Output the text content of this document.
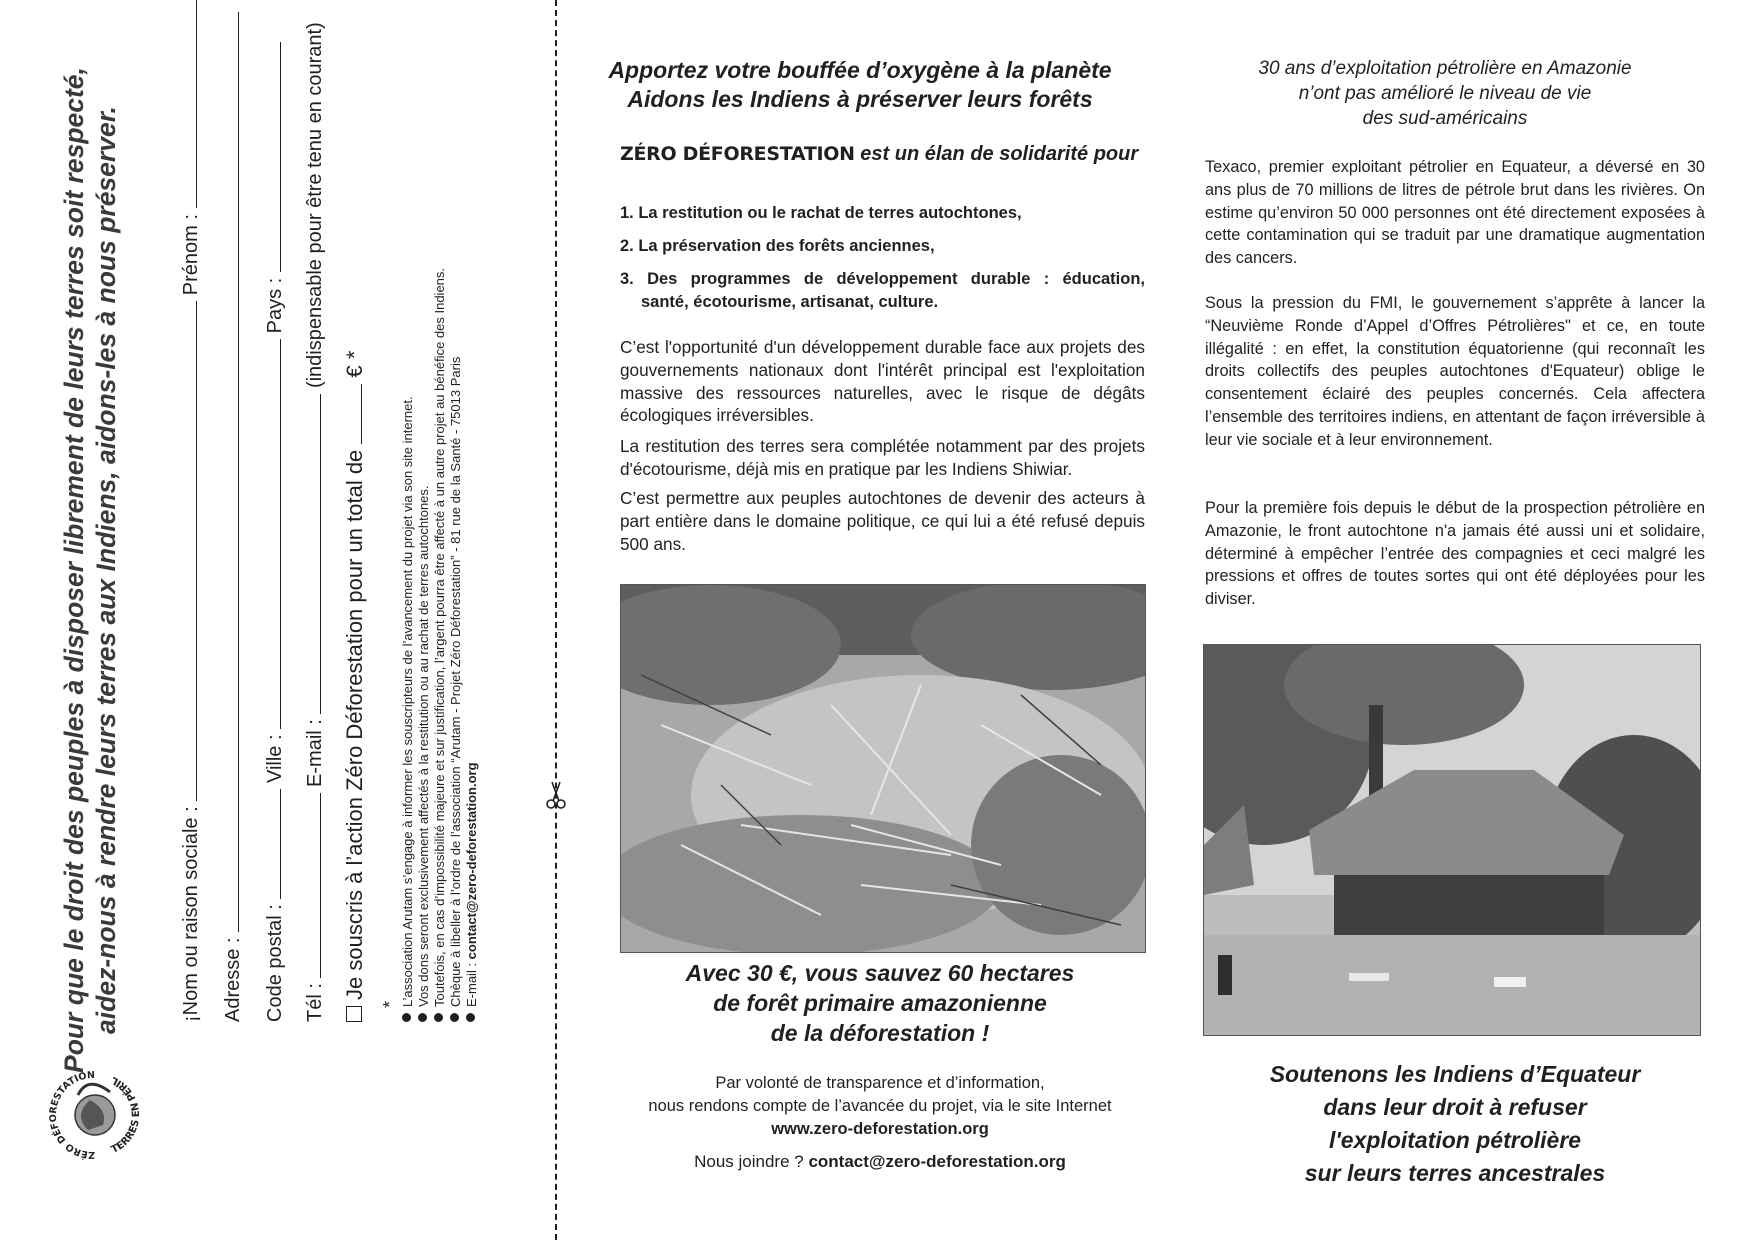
Pour que le droit des peuples à disposer librement de leurs terres soit respecté, aidez-nous à rendre leurs terres aux Indiens, aidons-les à nous préserver.	¡Nom ou raison sociale :  Prénom :
Adresse : Code postal :  Ville :  Pays :
Tél :  E-mail :  (indispensable pour être tenu en courant)
Je souscris à l’action Zéro Déforestation pour un total de  € *
* L’association Arutam s’engage à informer les souscripteurs de l’avancement du projet via son site internet. Vos dons seront exclusivement affectés à la restitution ou au rachat de terres autochtones. Toutefois, en cas d’impossibilité majeure et sur justification, l’argent pourra être affecté à un autre projet au bénéfice des Indiens. Chèque à libeller à l’ordre de l’association “Arutam - Projet Zéro Déforestation” - 81 rue de la Santé - 75013 Paris E-mail : contact@zero-deforestation.org
ZÉRO DÉFORESTATION
TERRES EN PÉRIL
Apportez votre bouffée d’oxygène à la planète
Aidons les Indiens à préserver leurs forêts
ZÉRO DÉFORESTATION est un élan de solidarité pour
1. La restitution ou le rachat de terres autochtones,
2. La préservation des forêts anciennes,
3. Des programmes de développement durable : éducation,
santé, écotourisme, artisanat, culture.
C’est l'opportunité d'un développement durable face aux projets des gouvernements nationaux dont l'intérêt principal est l'exploitation massive des ressources naturelles, avec le risque de dégâts écologiques irréversibles.
La restitution des terres sera complétée notamment par des projets d'écotourisme, déjà mis en pratique par les Indiens Shiwiar.
C’est permettre aux peuples autochtones de devenir des acteurs à part entière dans le domaine politique, ce qui lui a été refusé depuis 500 ans.
Avec 30 €, vous sauvez 60 hectares
de forêt primaire amazonienne
de la déforestation !
Par volonté de transparence et d’information,
nous rendons compte de l’avancée du projet, via le site Internet
www.zero-deforestation.org
Nous joindre ? contact@zero-deforestation.org
30 ans d’exploitation pétrolière en Amazonie
n’ont pas amélioré le niveau de vie
des sud-américains
Texaco, premier exploitant pétrolier en Equateur, a déversé en 30 ans plus de 70 millions de litres de pétrole brut dans les rivières. On estime qu’environ 50 000 personnes ont été directement exposées à cette contamination qui se traduit par une dramatique augmentation des cancers.
Sous la pression du FMI, le gouvernement s’apprête à lancer la “Neuvième Ronde d’Appel d’Offres Pétrolières" et ce, en toute illégalité : en effet, la constitution équatorienne (qui reconnaît les droits collectifs des peuples autochtones d'Equateur) oblige le consentement éclairé des peuples concernés. Cela affectera l’ensemble des territoires indiens, en attentant de façon irréversible à leur vie sociale et à leur environnement.
Pour la première fois depuis le début de la prospection pétrolière en Amazonie, le front autochtone n'a jamais été aussi uni et solidaire, déterminé à empêcher l’entrée des compagnies et ceci malgré les pressions et offres de toutes sortes qui ont été déployées pour les diviser.
Soutenons les Indiens d’Equateur
dans leur droit à refuser
l'exploitation pétrolière
sur leurs terres ancestrales
